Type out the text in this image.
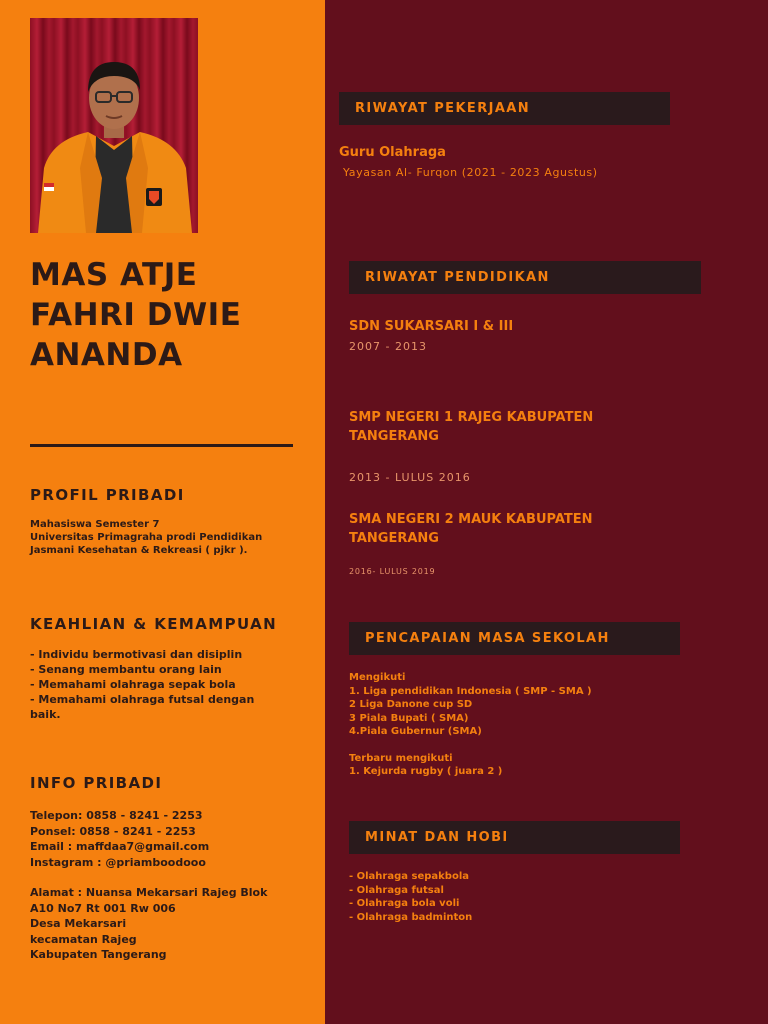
MAS ATJE
FAHRI DWIE
ANANDA
PROFIL PRIBADI
Mahasiswa Semester 7
Universitas Primagraha prodi Pendidikan
Jasmani Kesehatan & Rekreasi ( pjkr ).
KEAHLIAN & KEMAMPUAN
- Individu bermotivasi dan disiplin
- Senang membantu orang lain
- Memahami olahraga sepak bola
- Memahami olahraga futsal dengan
baik.
INFO PRIBADI
Telepon: 0858 - 8241 - 2253
Ponsel: 0858 - 8241 - 2253
Email : maffdaa7@gmail.com
Instagram : @priamboodooo
Alamat : Nuansa Mekarsari Rajeg Blok
A10 No7 Rt 001 Rw 006
Desa Mekarsari
kecamatan Rajeg
Kabupaten Tangerang
RIWAYAT PEKERJAAN
Guru Olahraga
Yayasan Al- Furqon (2021 - 2023 Agustus)
RIWAYAT PENDIDIKAN
SDN SUKARSARI I & III
2007 - 2013
SMP NEGERI 1 RAJEG KABUPATEN
TANGERANG
2013 - LULUS 2016
SMA NEGERI 2 MAUK KABUPATEN
TANGERANG
2016- LULUS 2019
PENCAPAIAN MASA SEKOLAH
Mengikuti
1. Liga pendidikan Indonesia ( SMP - SMA )
2 Liga Danone cup SD
3 Piala Bupati ( SMA)
4.Piala Gubernur (SMA)
Terbaru mengikuti
1. Kejurda rugby ( juara 2 )
MINAT DAN HOBI
- Olahraga sepakbola
- Olahraga futsal
- Olahraga bola voli
- Olahraga badminton
